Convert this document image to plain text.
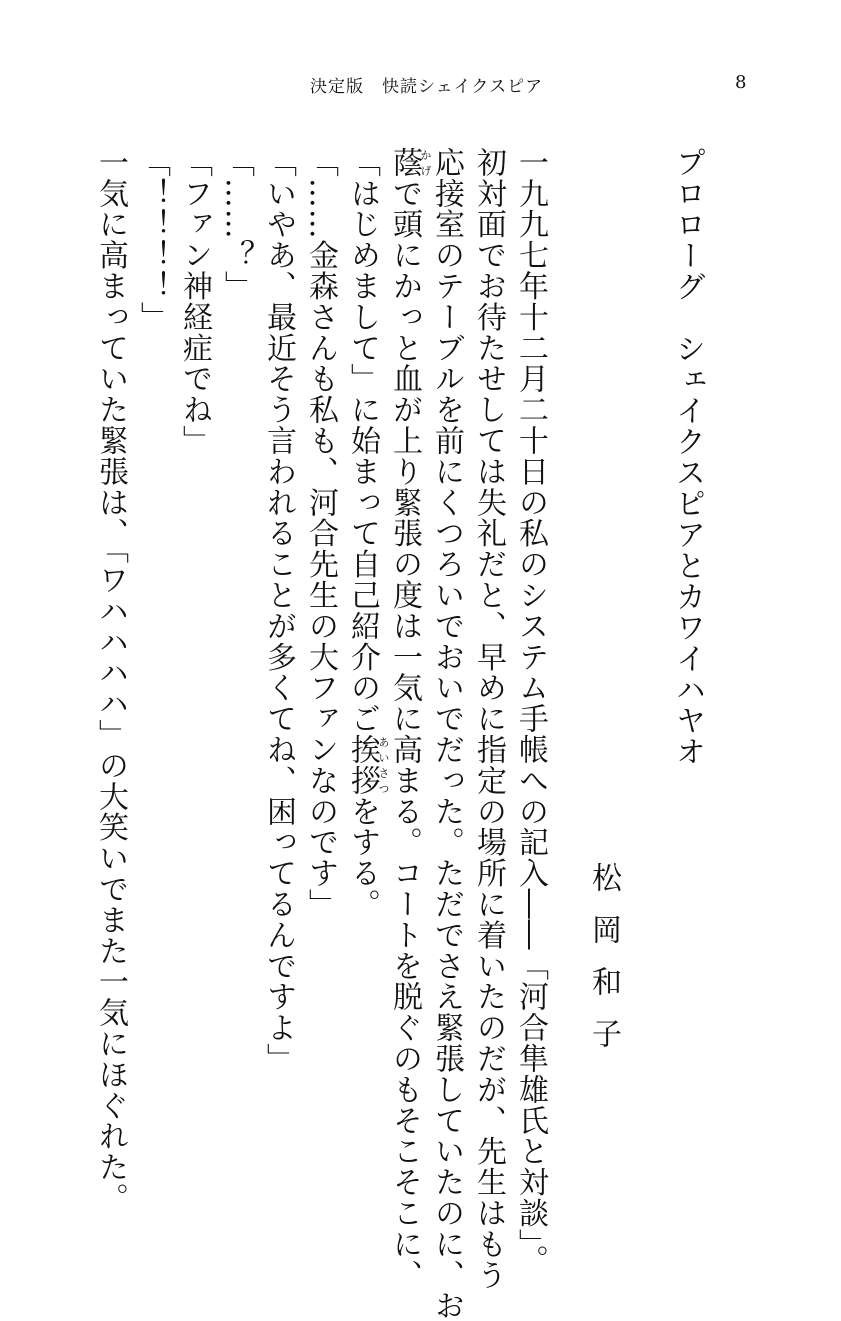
決定版　快読シェイクスピア	8
プロローグ　シェイクスピアとカワイハヤオ
松岡和子
一九九七年十二月二十日の私のシステム手帳への記入――「河合隼雄氏と対談」。
初対面でお待たせしては失礼だと、早めに指定の場所に着いたのだが、先生はもう
応接室のテーブルを前にくつろいでおいでだった。ただでさえ緊張していたのに、お
蔭かげで頭にかっと血が上り緊張の度は一気に高まる。コートを脱ぐのもそこそこに、
「はじめまして」に始まって自己紹介のご挨拶あいさつをする。
「……金森さんも私も、河合先生の大ファンなのです」
「いやあ、最近そう言われることが多くてね、困ってるんですよ」
「……？」
「ファン神経症でね」
「！！！！」
一気に高まっていた緊張は、「ワハハハハ」の大笑いでまた一気にほぐれた。
